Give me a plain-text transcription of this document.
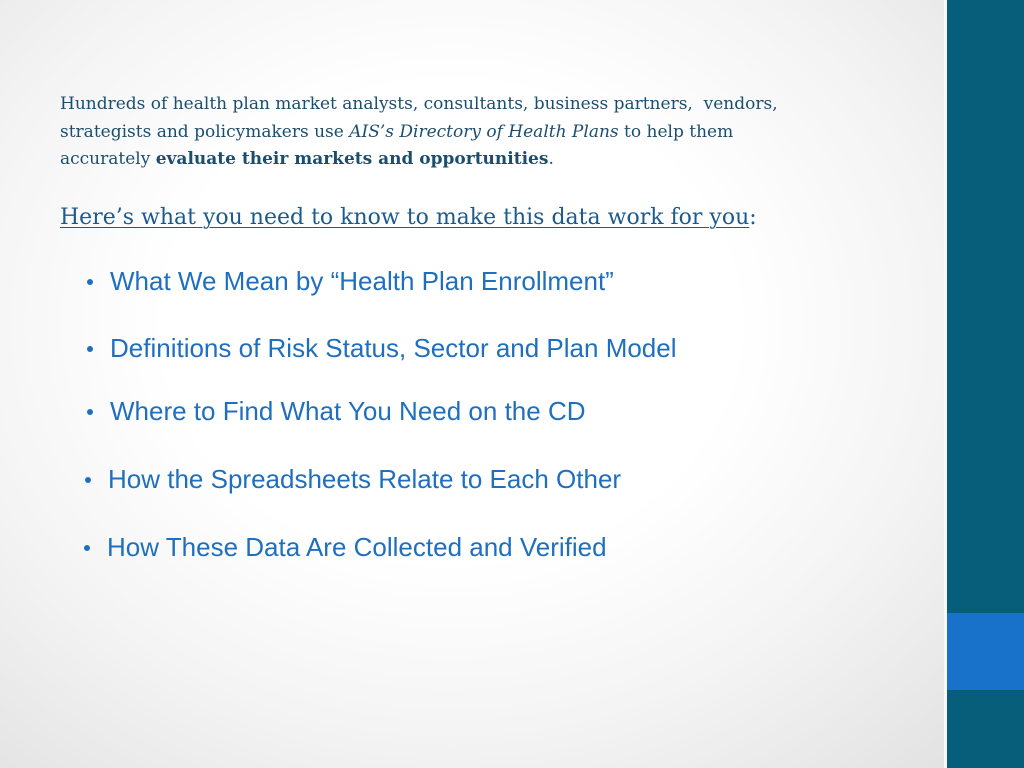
Hundreds of health plan market analysts, consultants, business partners,  vendors,
strategists and policymakers use AIS’s Directory of Health Plans to help them
accurately evaluate their markets and opportunities.
Here’s what you need to know to make this data work for you:
What We Mean by “Health Plan Enrollment”
Definitions of Risk Status, Sector and Plan Model
Where to Find What You Need on the CD
How the Spreadsheets Relate to Each Other
How These Data Are Collected and Verified
